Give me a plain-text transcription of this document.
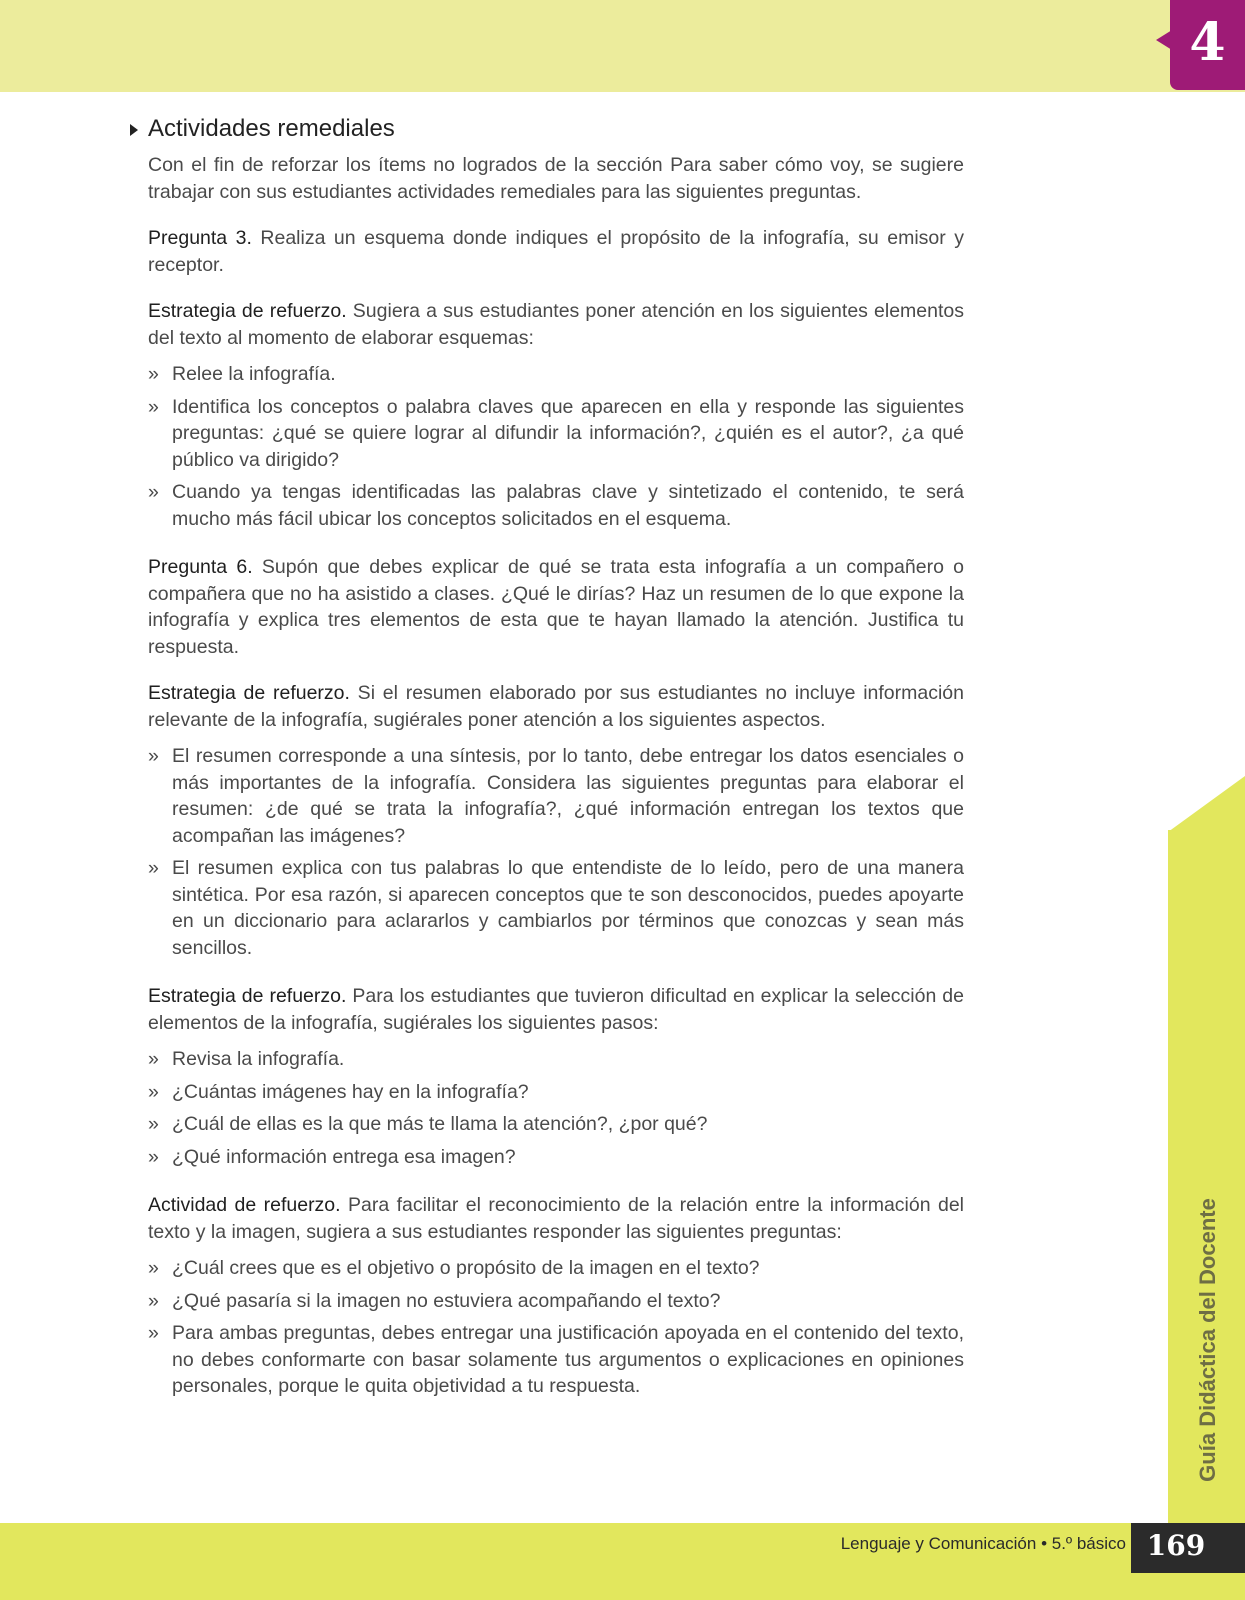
4
Guía Didáctica del Docente
Lenguaje y Comunicación • 5.º básico 169
Actividades remediales

Con el fin de reforzar los ítems no logrados de la sección Para saber cómo voy, se sugiere trabajar con sus estudiantes actividades remediales para las siguientes preguntas.

Pregunta 3. Realiza un esquema donde indiques el propósito de la infografía, su emisor y receptor.

Estrategia de refuerzo. Sugiera a sus estudiantes poner atención en los siguientes elementos del texto al momento de elaborar esquemas:

» Relee la infografía.
» Identifica los conceptos o palabra claves que aparecen en ella y responde las siguientes preguntas: ¿qué se quiere lograr al difundir la información?, ¿quién es el autor?, ¿a qué público va dirigido?
» Cuando ya tengas identificadas las palabras clave y sintetizado el contenido, te será mucho más fácil ubicar los conceptos solicitados en el esquema.

Pregunta 6. Supón que debes explicar de qué se trata esta infografía a un compañero o compañera que no ha asistido a clases. ¿Qué le dirías? Haz un resumen de lo que expone la infografía y explica tres elementos de esta que te hayan llamado la atención. Justifica tu respuesta.

Estrategia de refuerzo. Si el resumen elaborado por sus estudiantes no incluye información relevante de la infografía, sugiérales poner atención a los siguientes aspectos.

» El resumen corresponde a una síntesis, por lo tanto, debe entregar los datos esenciales o más importantes de la infografía. Considera las siguientes preguntas para elaborar el resumen: ¿de qué se trata la infografía?, ¿qué información entregan los textos que acompañan las imágenes?
» El resumen explica con tus palabras lo que entendiste de lo leído, pero de una manera sintética. Por esa razón, si aparecen conceptos que te son desconocidos, puedes apoyarte en un diccionario para aclararlos y cambiarlos por términos que conozcas y sean más sencillos.

Estrategia de refuerzo. Para los estudiantes que tuvieron dificultad en explicar la selección de elementos de la infografía, sugiérales los siguientes pasos:

» Revisa la infografía.
» ¿Cuántas imágenes hay en la infografía?
» ¿Cuál de ellas es la que más te llama la atención?, ¿por qué?
» ¿Qué información entrega esa imagen?

Actividad de refuerzo. Para facilitar el reconocimiento de la relación entre la información del texto y la imagen, sugiera a sus estudiantes responder las siguientes preguntas:

» ¿Cuál crees que es el objetivo o propósito de la imagen en el texto?
» ¿Qué pasaría si la imagen no estuviera acompañando el texto?
» Para ambas preguntas, debes entregar una justificación apoyada en el contenido del texto, no debes conformarte con basar solamente tus argumentos o explicaciones en opiniones personales, porque le quita objetividad a tu respuesta.
